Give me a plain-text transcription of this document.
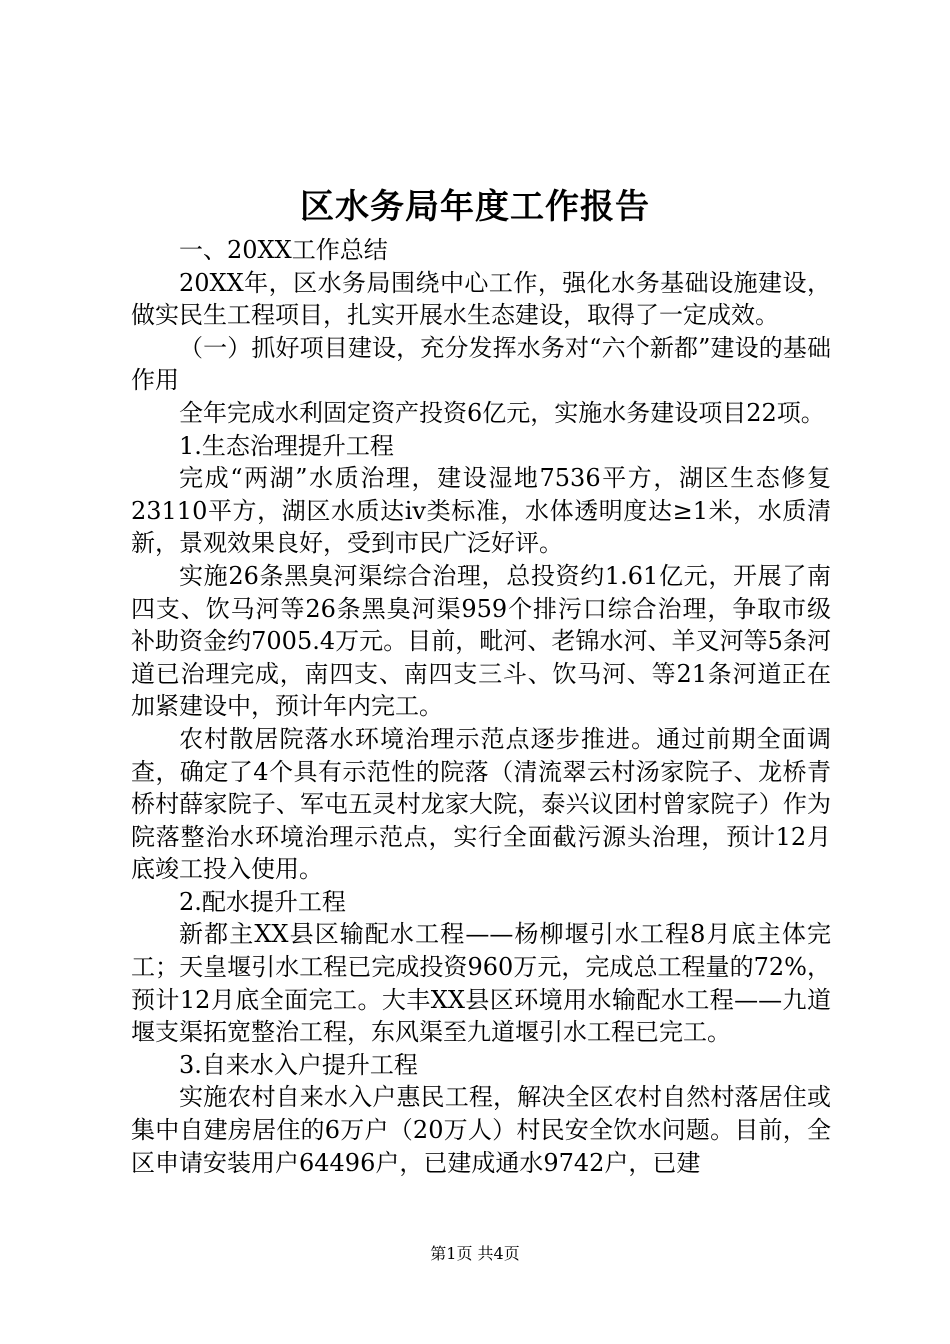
区水务局年度工作报告

一、20XX工作总结

20XX年，区水务局围绕中心工作，强化水务基础设施建设，做实民生工程项目，扎实开展水生态建设，取得了一定成效。

（一）抓好项目建设，充分发挥水务对“六个新都”建设的基础作用

全年完成水利固定资产投资6亿元，实施水务建设项目22项。

1.生态治理提升工程

完成“两湖”水质治理，建设湿地7536平方，湖区生态修复23110平方，湖区水质达ⅳ类标准，水体透明度达≥1米，水质清新，景观效果良好，受到市民广泛好评。

实施26条黑臭河渠综合治理，总投资约1.61亿元，开展了南四支、饮马河等26条黑臭河渠959个排污口综合治理，争取市级补助资金约7005.4万元。目前，毗河、老锦水河、羊叉河等5条河道已治理完成，南四支、南四支三斗、饮马河、等21条河道正在加紧建设中，预计年内完工。

农村散居院落水环境治理示范点逐步推进。通过前期全面调查，确定了4个具有示范性的院落（清流翠云村汤家院子、龙桥青桥村薛家院子、军屯五灵村龙家大院，泰兴议团村曾家院子）作为院落整治水环境治理示范点，实行全面截污源头治理，预计12月底竣工投入使用。

2.配水提升工程

新都主XX县区输配水工程——杨柳堰引水工程8月底主体完工；天皇堰引水工程已完成投资960万元，完成总工程量的72%，预计12月底全面完工。大丰XX县区环境用水输配水工程——九道堰支渠拓宽整治工程，东风渠至九道堰引水工程已完工。

3.自来水入户提升工程

实施农村自来水入户惠民工程，解决全区农村自然村落居住或集中自建房居住的6万户（20万人）村民安全饮水问题。目前，全区申请安装用户64496户，已建成通水9742户，已建

第1页 共4页
